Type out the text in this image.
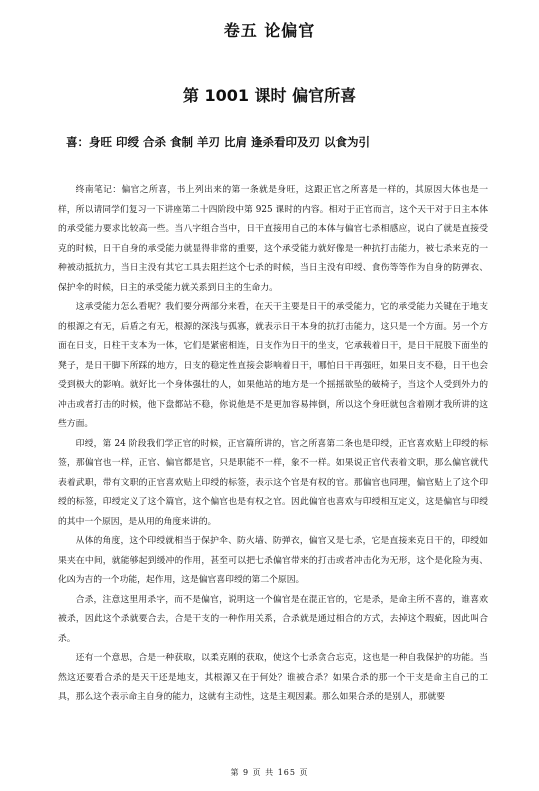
卷五 论偏官
第 1001 课时 偏官所喜
喜：身旺 印绶 合杀 食制 羊刃 比肩 逢杀看印及刃 以食为引

终南笔记：偏官之所喜，书上列出来的第一条就是身旺，这跟正官之所喜是一样的，其原因大体也是一样，所以请同学们复习一下讲座第二十四阶段中第 925 课时的内容。相对于正官而言，这个天干对于日主本体的承受能力要求比较高一些。当八字组合当中，日干直接用自己的本体与偏官七杀相感应，说白了就是直接受克的时候，日干自身的承受能力就显得非常的重要，这个承受能力就好像是一种抗打击能力，被七杀来克的一种被动抵抗力，当日主没有其它工具去阻拦这个七杀的时候，当日主没有印绶、食伤等等作为自身的防弹衣、保护伞的时候，日主的承受能力就关系到日主的生命力。

这承受能力怎么看呢？我们要分两部分来看，在天干主要是日干的承受能力，它的承受能力关键在于地支的根源之有无，后盾之有无，根源的深浅与孤寡，就表示日干本身的抗打击能力，这只是一个方面。另一个方面在日支，日柱干支本为一体，它们是紧密相连，日支作为日干的坐支，它承载着日干，是日干屁股下面坐的凳子，是日干脚下所踩的地方，日支的稳定性直接会影响着日干，哪怕日干再强旺，如果日支不稳，日干也会受到极大的影响。就好比一个身体强壮的人，如果他站的地方是一个摇摇欲坠的破椅子，当这个人受到外力的冲击或者打击的时候，他下盘都站不稳，你说他是不是更加容易摔倒，所以这个身旺就包含着刚才我所讲的这些方面。

印绶，第 24 阶段我们学正官的时候，正官篇所讲的，官之所喜第二条也是印绶，正官喜欢贴上印绶的标签，那偏官也一样，正官、偏官都是官，只是职能不一样，象不一样。如果说正官代表着文职，那么偏官就代表着武职，带有文职的正官喜欢贴上印绶的标签，表示这个官是有权的官。那偏官也同理，偏官贴上了这个印绶的标签，印绶定义了这个篇官，这个偏官也是有权之官。因此偏官也喜欢与印绶相互定义，这是偏官与印绶的其中一个原因，是从用的角度来讲的。

从体的角度，这个印绶就相当于保护伞、防火墙、防弹衣，偏官又是七杀，它是直接来克日干的，印绶如果夹在中间，就能够起到缓冲的作用，甚至可以把七杀偏官带来的打击或者冲击化为无形，这个是化险为夷、化凶为吉的一个功能，起作用，这是偏官喜印绶的第二个原因。

合杀，注意这里用杀字，而不是偏官，说明这一个偏官是在混正官的，它是杀，是命主所不喜的，谁喜欢被杀，因此这个杀就要合去，合是干支的一种作用关系，合杀就是通过相合的方式，去掉这个瑕疵，因此叫合杀。

还有一个意思，合是一种获取，以柔克刚的获取，使这个七杀贪合忘克，这也是一种自我保护的功能。当然这还要看合杀的是天干还是地支，其根源又在于何处？谁被合杀？如果合杀的那一个干支是命主自己的工具，那么这个表示命主自身的能力，这就有主动性，这是主观因素。那么如果合杀的是别人，那就要

第 9 页 共 165 页
